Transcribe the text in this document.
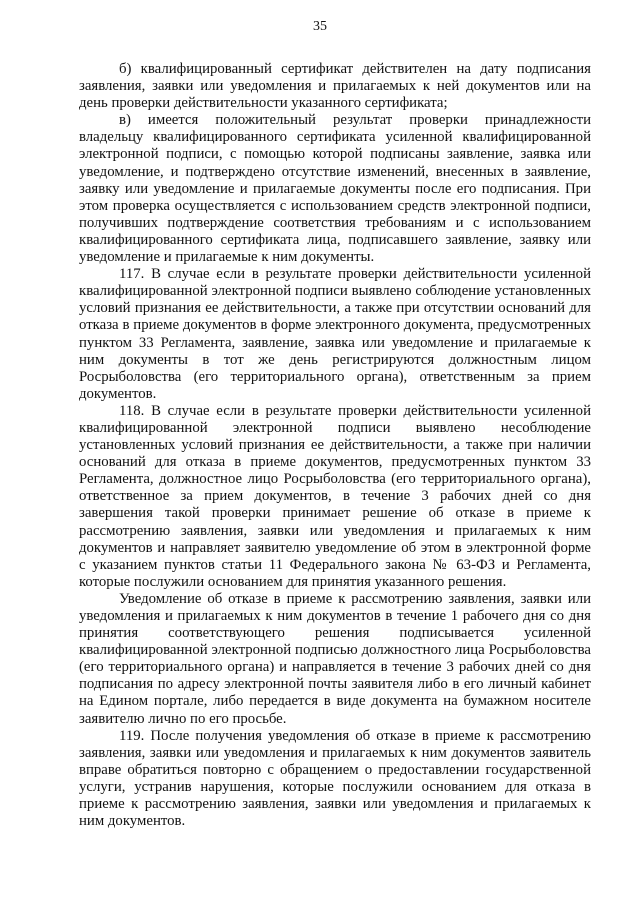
35

б) квалифицированный сертификат действителен на дату подписания заявления, заявки или уведомления и прилагаемых к ней документов или на день проверки действительности указанного сертификата;

в) имеется положительный результат проверки принадлежности владельцу квалифицированного сертификата усиленной квалифицированной электронной подписи, с помощью которой подписаны заявление, заявка или уведомление, и подтверждено отсутствие изменений, внесенных в заявление, заявку или уведомление и прилагаемые документы после его подписания. При этом проверка осуществляется с использованием средств электронной подписи, получивших подтверждение соответствия требованиям и с использованием квалифицированного сертификата лица, подписавшего заявление, заявку или уведомление и прилагаемые к ним документы.

117. В случае если в результате проверки действительности усиленной квалифицированной электронной подписи выявлено соблюдение установленных условий признания ее действительности, а также при отсутствии оснований для отказа в приеме документов в форме электронного документа, предусмотренных пунктом 33 Регламента, заявление, заявка или уведомление и прилагаемые к ним документы в тот же день регистрируются должностным лицом Росрыболовства (его территориального органа), ответственным за прием документов.

118. В случае если в результате проверки действительности усиленной квалифицированной электронной подписи выявлено несоблюдение установленных условий признания ее действительности, а также при наличии оснований для отказа в приеме документов, предусмотренных пунктом 33 Регламента, должностное лицо Росрыболовства (его территориального органа), ответственное за прием документов, в течение 3 рабочих дней со дня завершения такой проверки принимает решение об отказе в приеме к рассмотрению заявления, заявки или уведомления и прилагаемых к ним документов и направляет заявителю уведомление об этом в электронной форме с указанием пунктов статьи 11 Федерального закона № 63-ФЗ и Регламента, которые послужили основанием для принятия указанного решения.

Уведомление об отказе в приеме к рассмотрению заявления, заявки или уведомления и прилагаемых к ним документов в течение 1 рабочего дня со дня принятия соответствующего решения подписывается усиленной квалифицированной электронной подписью должностного лица Росрыболовства (его территориального органа) и направляется в течение 3 рабочих дней со дня подписания по адресу электронной почты заявителя либо в его личный кабинет на Едином портале, либо передается в виде документа на бумажном носителе заявителю лично по его просьбе.

119. После получения уведомления об отказе в приеме к рассмотрению заявления, заявки или уведомления и прилагаемых к ним документов заявитель вправе обратиться повторно с обращением о предоставлении государственной услуги, устранив нарушения, которые послужили основанием для отказа в приеме к рассмотрению заявления, заявки или уведомления и прилагаемых к ним документов.
